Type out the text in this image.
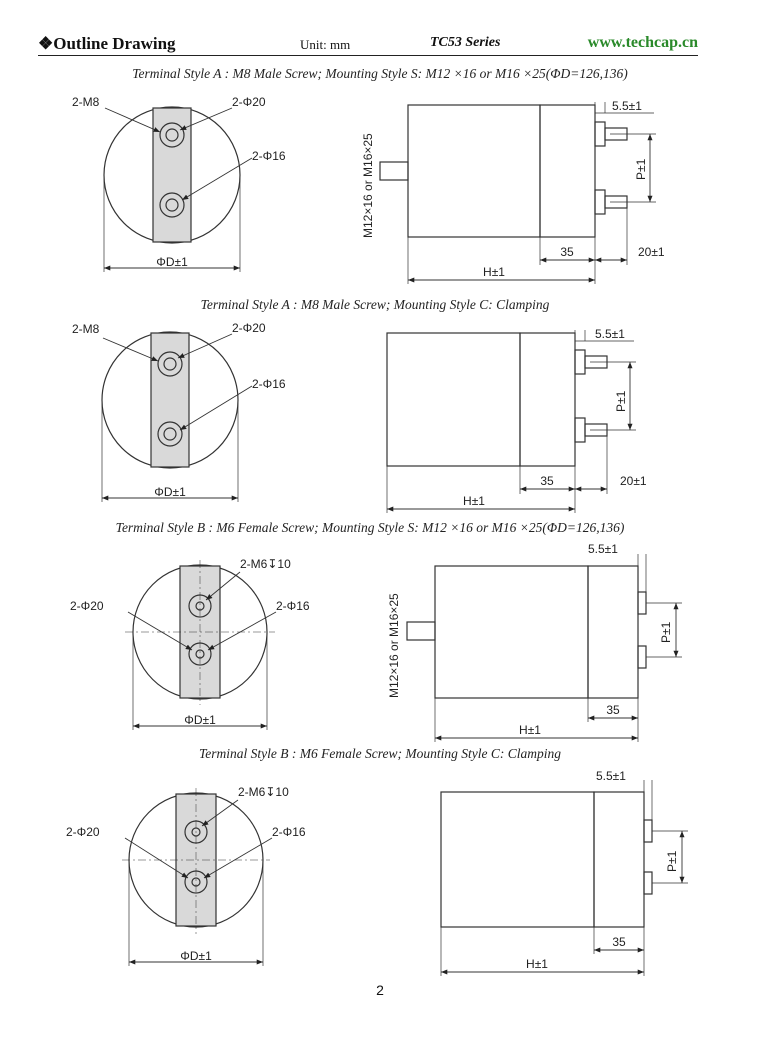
❖Outline Drawing	Unit: mm	TC53 Series	www.techcap.cn
Terminal Style A : M8 Male Screw; Mounting Style S: M12 ×16 or M16 ×25(ΦD=126,136)
2-M8	2-Φ20
2-Φ16
ΦD±1
M12×16 or M16×25
5.5±1
P±1
35	20±1
H±1
Terminal Style A : M8 Male Screw; Mounting Style C: Clamping
2-M8	2-Φ20
2-Φ16
ΦD±1
5.5±1
P±1
35	20±1
H±1
Terminal Style B : M6 Female Screw; Mounting Style S: M12 ×16 or M16 ×25(ΦD=126,136)
2-M6↧10
2-Φ20	2-Φ16
ΦD±1
M12×16 or M16×25
5.5±1
P±1
35
H±1
Terminal Style B : M6 Female Screw; Mounting Style C: Clamping
2-M6↧10
2-Φ20	2-Φ16
ΦD±1
5.5±1
P±1
35
H±1
2
